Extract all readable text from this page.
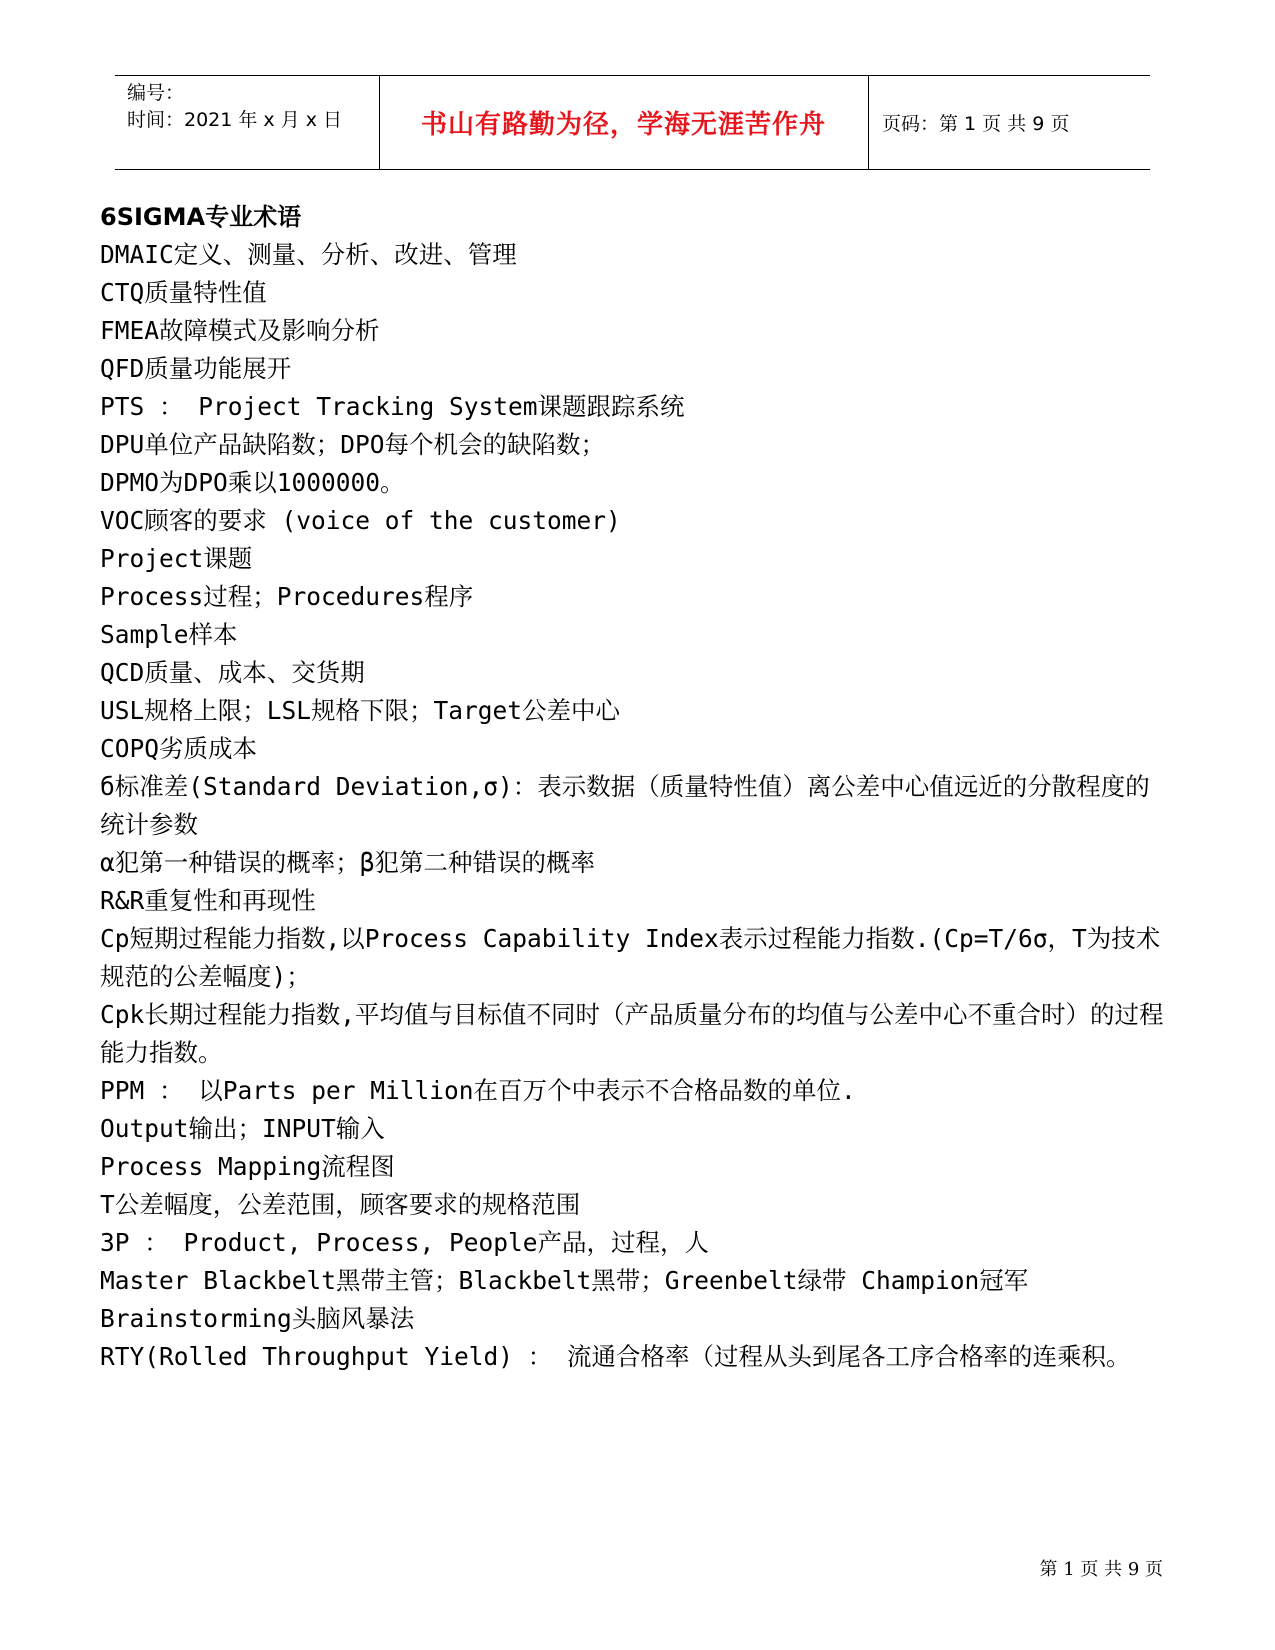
编号：
时间：2021 年 x 月 x 日	书山有路勤为径，学海无涯苦作舟	页码：第 1 页 共 9 页
6SIGMA专业术语
DMAIC定义、测量、分析、改进、管理
CTQ质量特性值
FMEA故障模式及影响分析
QFD质量功能展开
PTS ： Project Tracking System课题跟踪系统
DPU单位产品缺陷数；DPO每个机会的缺陷数；
DPMO为DPO乘以1000000。
VOC顾客的要求 (voice of the customer)
Project课题
Process过程；Procedures程序
Sample样本
QCD质量、成本、交货期
USL规格上限；LSL规格下限；Target公差中心
COPQ劣质成本
б标准差(Standard Deviation,σ)：表示数据（质量特性值）离公差中心值远近的分散程度的统计参数
α犯第一种错误的概率；β犯第二种错误的概率
R&R重复性和再现性
Cp短期过程能力指数,以Process Capability Index表示过程能力指数.(Cp=T/6σ，T为技术规范的公差幅度)；
Cpk长期过程能力指数,平均值与目标值不同时（产品质量分布的均值与公差中心不重合时）的过程能力指数。
PPM ： 以Parts per Million在百万个中表示不合格品数的单位.
Output输出；INPUT输入
Process Mapping流程图
T公差幅度，公差范围，顾客要求的规格范围
3P ： Product, Process, People产品，过程，人
Master Blackbelt黑带主管；Blackbelt黑带；Greenbelt绿带 Champion冠军
Brainstorming头脑风暴法
RTY(Rolled Throughput Yield) ： 流通合格率（过程从头到尾各工序合格率的连乘积。
第 1 页 共 9 页
